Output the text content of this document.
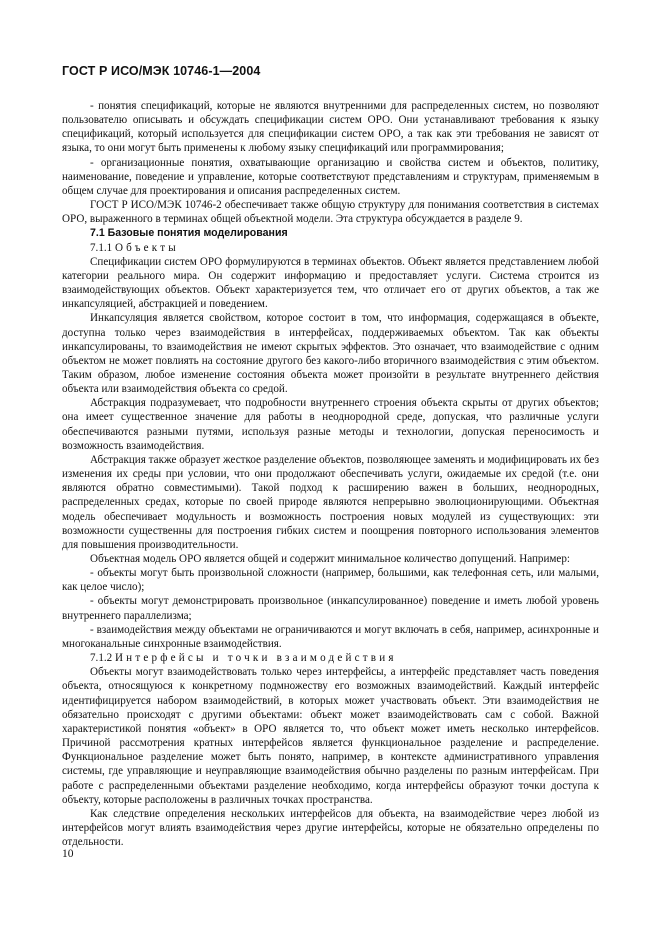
ГОСТ Р ИСО/МЭК 10746-1—2004

- понятия спецификаций, которые не являются внутренними для распределенных систем, но позволяют пользователю описывать и обсуждать спецификации систем ОРО. Они устанавливают требования к языку спецификаций, который используется для спецификации систем ОРО, а так как эти требования не зависят от языка, то они могут быть применены к любому языку спецификаций или программирования;

- организационные понятия, охватывающие организацию и свойства систем и объектов, политику, наименование, поведение и управление, которые соответствуют представлениям и структурам, применяемым в общем случае для проектирования и описания распределенных систем.

ГОСТ Р ИСО/МЭК 10746-2 обеспечивает также общую структуру для понимания соответствия в системах ОРО, выраженного в терминах общей объектной модели. Эта структура обсуждается в разделе 9.

7.1 Базовые понятия моделирования

7.1.1 Объекты

Спецификации систем ОРО формулируются в терминах объектов. Объект является представлением любой категории реального мира. Он содержит информацию и предоставляет услуги. Система строится из взаимодействующих объектов. Объект характеризуется тем, что отличает его от других объектов, а так же инкапсуляцией, абстракцией и поведением.

Инкапсуляция является свойством, которое состоит в том, что информация, содержащаяся в объекте, доступна только через взаимодействия в интерфейсах, поддерживаемых объектом. Так как объекты инкапсулированы, то взаимодействия не имеют скрытых эффектов. Это означает, что взаимодействие с одним объектом не может повлиять на состояние другого без какого-либо вторичного взаимодействия с этим объектом. Таким образом, любое изменение состояния объекта может произойти в результате внутреннего действия объекта или взаимодействия объекта со средой.

Абстракция подразумевает, что подробности внутреннего строения объекта скрыты от других объектов; она имеет существенное значение для работы в неоднородной среде, допуская, что различные услуги обеспечиваются разными путями, используя разные методы и технологии, допуская переносимость и возможность взаимодействия.

Абстракция также образует жесткое разделение объектов, позволяющее заменять и модифицировать их без изменения их среды при условии, что они продолжают обеспечивать услуги, ожидаемые их средой (т.е. они являются обратно совместимыми). Такой подход к расширению важен в больших, неоднородных, распределенных средах, которые по своей природе являются непрерывно эволюционирующими. Объектная модель обеспечивает модульность и возможность построения новых модулей из существующих: эти возможности существенны для построения гибких систем и поощрения повторного использования элементов для повышения производительности.

Объектная модель ОРО является общей и содержит минимальное количество допущений. Например:

- объекты могут быть произвольной сложности (например, большими, как телефонная сеть, или малыми, как целое число);

- объекты могут демонстрировать произвольное (инкапсулированное) поведение и иметь любой уровень внутреннего параллелизма;

- взаимодействия между объектами не ограничиваются и могут включать в себя, например, асинхронные и многоканальные синхронные взаимодействия.

7.1.2 Интерфейсы и точки взаимодействия

Объекты могут взаимодействовать только через интерфейсы, а интерфейс представляет часть поведения объекта, относящуюся к конкретному подмножеству его возможных взаимодействий. Каждый интерфейс идентифицируется набором взаимодействий, в которых может участвовать объект. Эти взаимодействия не обязательно происходят с другими объектами: объект может взаимодействовать сам с собой. Важной характеристикой понятия «объект» в ОРО является то, что объект может иметь несколько интерфейсов. Причиной рассмотрения кратных интерфейсов является функциональное разделение и распределение. Функциональное разделение может быть понято, например, в контексте административного управления системы, где управляющие и неуправляющие взаимодействия обычно разделены по разным интерфейсам. При работе с распределенными объектами разделение необходимо, когда интерфейсы образуют точки доступа к объекту, которые расположены в различных точках пространства.

Как следствие определения нескольких интерфейсов для объекта, на взаимодействие через любой из интерфейсов могут влиять взаимодействия через другие интерфейсы, которые не обязательно определены по отдельности.

10
